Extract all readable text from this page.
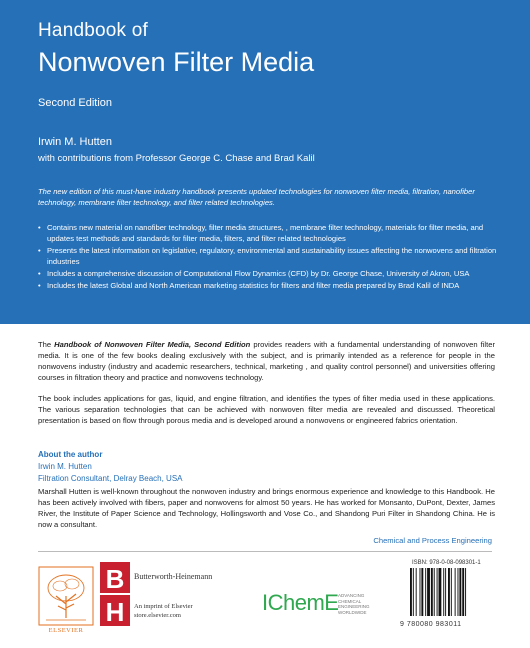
Handbook of
Nonwoven Filter Media
Second Edition
Irwin M. Hutten
with contributions from Professor George C. Chase and Brad Kalil
The new edition of this must-have industry handbook presents updated technologies for nonwoven filter media, filtration, nanofiber technology, membrane filter technology, and filter related technologies.
• Contains new material on nanofiber technology, filter media structures, , membrane filter technology, materials for filter media, and updates test methods and standards for filter media, filters, and filter related technologies
• Presents the latest information on legislative, regulatory, environmental and sustainability issues affecting the nonwovens and filtration industries
• Includes a comprehensive discussion of Computational Flow Dynamics (CFD) by Dr. George Chase, University of Akron, USA
• Includes the latest Global and North American marketing statistics for filters and filter media prepared by Brad Kalil of INDA

The Handbook of Nonwoven Filter Media, Second Edition provides readers with a fundamental understanding of nonwoven filter media. It is one of the few books dealing exclusively with the subject, and is primarily intended as a reference for people in the nonwovens industry (industry and academic researchers, technical, marketing , and quality control personnel) and universities offering courses in filtration theory and practice and nonwovens technology.

The book includes applications for gas, liquid, and engine filtration, and identifies the types of filter media used in these applications. The various separation technologies that can be achieved with nonwoven filter media are revealed and discussed. Theoretical presentation is based on flow through porous media and is developed around a nonwovens or engineered fabrics orientation.

About the author
Irwin M. Hutten
Filtration Consultant, Delray Beach, USA

Marshall Hutten is well-known throughout the nonwoven industry and brings enormous experience and knowledge to this Handbook. He has been actively involved with fibers, paper and nonwovens for almost 50 years. He has worked for Monsanto, DuPont, Dexter, James River, the Institute of Paper Science and Technology, Hollingsworth and Vose Co., and Shandong Puri Filter in Shandong China. He is now a consultant.

Chemical and Process Engineering
ELSEVIER
B
H
Butterworth-Heinemann
An imprint of Elsevier
store.elsevier.com
IChemE ADVANCING
CHEMICAL
ENGINEERING
WORLDWIDE
ISBN: 978-0-08-098301-1
9 780080 983011
